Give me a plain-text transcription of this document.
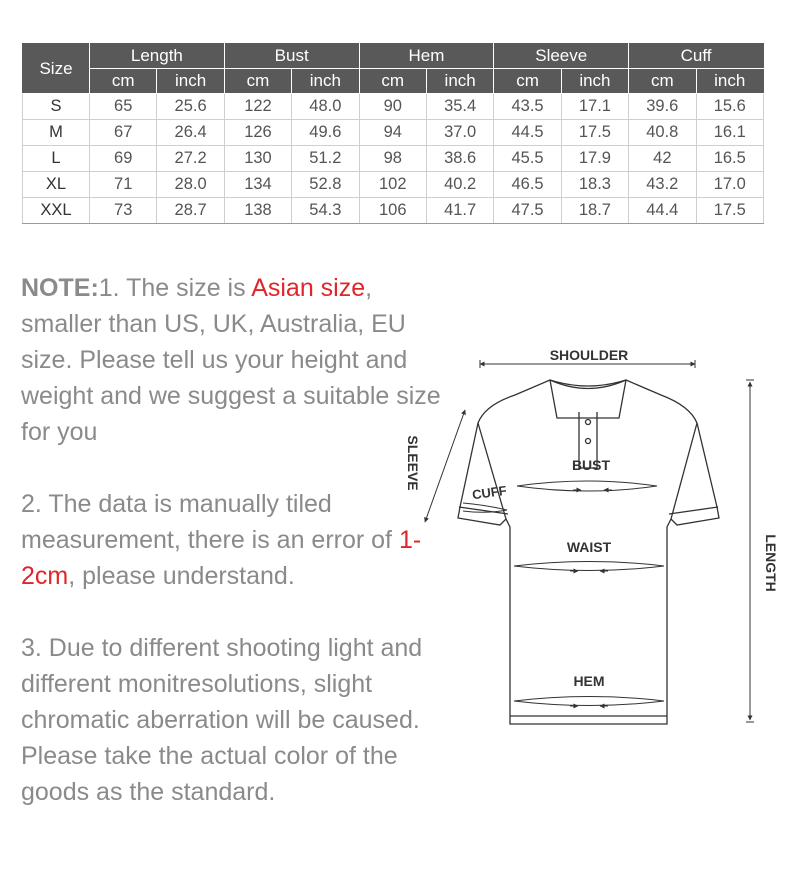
Size	Length		Bust		Hem		Sleeve		Cuff	
	cm	inch	cm	inch	cm	inch	cm	inch	cm	inch
S	65	25.6	122	48.0	90	35.4	43.5	17.1	39.6	15.6
M	67	26.4	126	49.6	94	37.0	44.5	17.5	40.8	16.1
L	69	27.2	130	51.2	98	38.6	45.5	17.9	42	16.5
XL	71	28.0	134	52.8	102	40.2	46.5	18.3	43.2	17.0
XXL	73	28.7	138	54.3	106	41.7	47.5	18.7	44.4	17.5

NOTE:1. The size is Asian size, smaller than US, UK, Australia, EU size. Please tell us your height and weight and we suggest a suitable size for you

2. The data is manually tiled measurement, there is an error of 1-2cm, please understand.

3. Due to different shooting light and different monitresolutions, slight chromatic aberration will be caused. Please take the actual color of the goods as the standard.

SHOULDER
SLEEVE
CUFF
BUST
WAIST
HEM
LENGTH
